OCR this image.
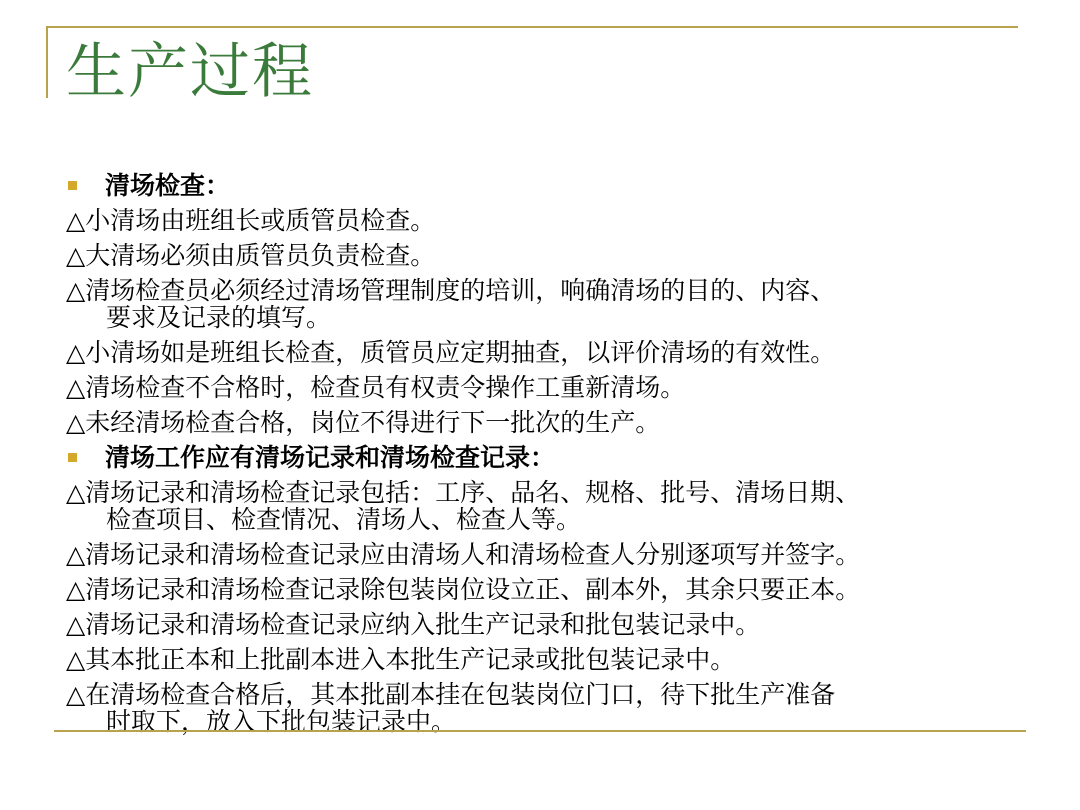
生产过程
清场检查：
△小清场由班组长或质管员检查。
△大清场必须由质管员负责检查。
△清场检查员必须经过清场管理制度的培训，响确清场的目的、内容、
要求及记录的填写。
△小清场如是班组长检查，质管员应定期抽查，以评价清场的有效性。
△清场检查不合格时，检查员有权责令操作工重新清场。
△未经清场检查合格，岗位不得进行下一批次的生产。
清场工作应有清场记录和清场检查记录：
△清场记录和清场检查记录包括：工序、品名、规格、批号、清场日期、
检查项目、检查情况、清场人、检查人等。
△清场记录和清场检查记录应由清场人和清场检查人分别逐项写并签字。
△清场记录和清场检查记录除包装岗位设立正、副本外，其余只要正本。
△清场记录和清场检查记录应纳入批生产记录和批包装记录中。
△其本批正本和上批副本进入本批生产记录或批包装记录中。
△在清场检查合格后，其本批副本挂在包装岗位门口，待下批生产准备
时取下，放入下批包装记录中。
